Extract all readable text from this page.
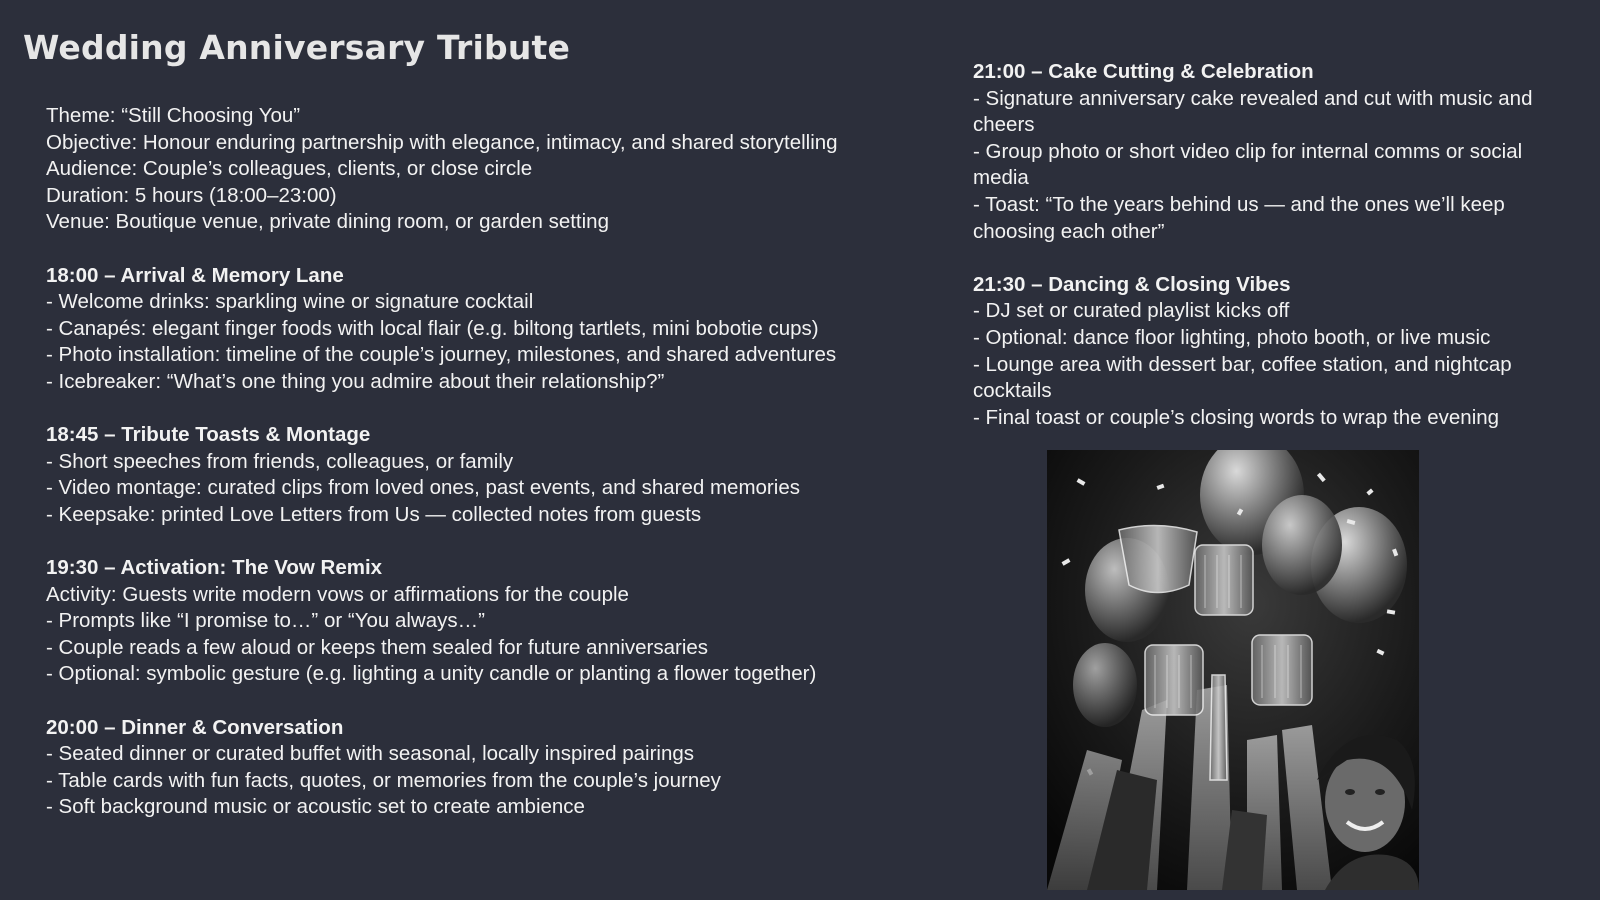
Wedding Anniversary Tribute

Theme: “Still Choosing You”

Objective: Honour enduring partnership with elegance, intimacy, and shared storytelling

Audience: Couple’s colleagues, clients, or close circle

Duration: 5 hours (18:00–23:00)

Venue: Boutique venue, private dining room, or garden setting

18:00 – Arrival & Memory Lane

- Welcome drinks: sparkling wine or signature cocktail

- Canapés: elegant finger foods with local flair (e.g. biltong tartlets, mini bobotie cups)

- Photo installation: timeline of the couple’s journey, milestones, and shared adventures

- Icebreaker: “What’s one thing you admire about their relationship?”

18:45 – Tribute Toasts & Montage

- Short speeches from friends, colleagues, or family

- Video montage: curated clips from loved ones, past events, and shared memories

- Keepsake: printed Love Letters from Us — collected notes from guests

19:30 – Activation: The Vow Remix

Activity: Guests write modern vows or affirmations for the couple

- Prompts like “I promise to…” or “You always…”

- Couple reads a few aloud or keeps them sealed for future anniversaries

- Optional: symbolic gesture (e.g. lighting a unity candle or planting a flower together)

20:00 – Dinner & Conversation

- Seated dinner or curated buffet with seasonal, locally inspired pairings

- Table cards with fun facts, quotes, or memories from the couple’s journey

- Soft background music or acoustic set to create ambience

21:00 – Cake Cutting & Celebration

- Signature anniversary cake revealed and cut with music and cheers

- Group photo or short video clip for internal comms or social media

- Toast: “To the years behind us — and the ones we’ll keep choosing each other”

21:30 – Dancing & Closing Vibes

- DJ set or curated playlist kicks off

- Optional: dance floor lighting, photo booth, or live music

- Lounge area with dessert bar, coffee station, and nightcap cocktails

- Final toast or couple’s closing words to wrap the evening
